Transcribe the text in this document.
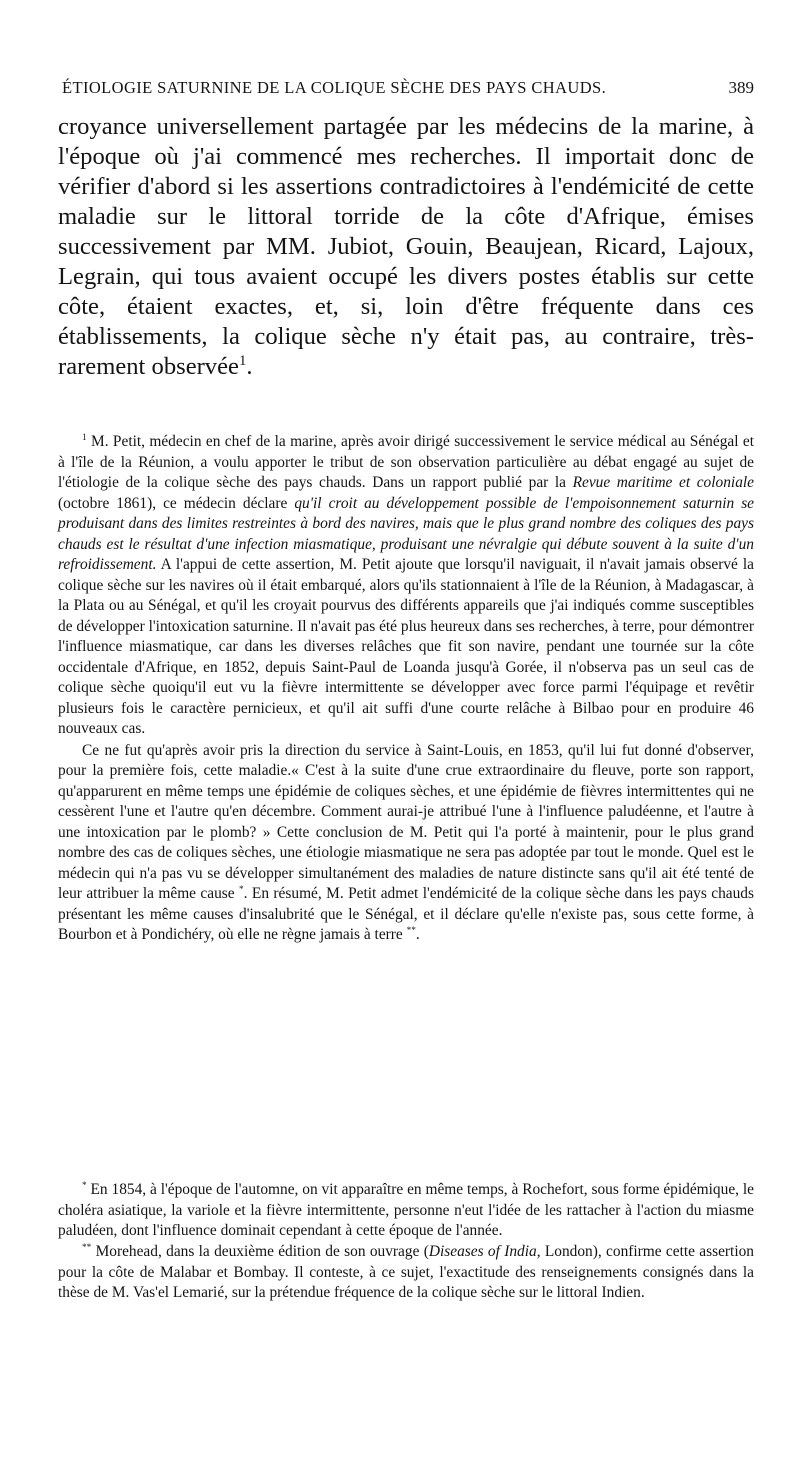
ÉTIOLOGIE SATURNINE DE LA COLIQUE SÈCHE DES PAYS CHAUDS.	389

croyance universellement partagée par les médecins de la marine, à l'époque où j'ai commencé mes recherches. Il importait donc de vérifier d'abord si les assertions contradictoires à l'endémicité de cette maladie sur le littoral torride de la côte d'Afrique, émises successivement par MM. Jubiot, Gouin, Beaujean, Ricard, Lajoux, Legrain, qui tous avaient occupé les divers postes établis sur cette côte, étaient exactes, et, si, loin d'être fréquente dans ces établissements, la colique sèche n'y était pas, au contraire, très-rarement observée$^1$.

$^1$ M. Petit, médecin en chef de la marine, après avoir dirigé successivement le service médical au Sénégal et à l'île de la Réunion, a voulu apporter le tribut de son observation particulière au débat engagé au sujet de l'étiologie de la colique sèche des pays chauds. Dans un rapport publié par la Revue maritime et coloniale (octobre 1861), ce médecin déclare qu'il croit au développement possible de l'empoisonnement saturnin se produisant dans des limites restreintes à bord des navires, mais que le plus grand nombre des coliques des pays chauds est le résultat d'une infection miasmatique, produisant une névralgie qui débute souvent à la suite d'un refroidissement. A l'appui de cette assertion, M. Petit ajoute que lorsqu'il naviguait, il n'avait jamais observé la colique sèche sur les navires où il était embarqué, alors qu'ils stationnaient à l'île de la Réunion, à Madagascar, à la Plata ou au Sénégal, et qu'il les croyait pourvus des différents appareils que j'ai indiqués comme susceptibles de développer l'intoxication saturnine. Il n'avait pas été plus heureux dans ses recherches, à terre, pour démontrer l'influence miasmatique, car dans les diverses relâches que fit son navire, pendant une tournée sur la côte occidentale d'Afrique, en 1852, depuis Saint-Paul de Loanda jusqu'à Gorée, il n'observa pas un seul cas de colique sèche quoiqu'il eut vu la fièvre intermittente se développer avec force parmi l'équipage et revêtir plusieurs fois le caractère pernicieux, et qu'il ait suffi d'une courte relâche à Bilbao pour en produire 46 nouveaux cas.

Ce ne fut qu'après avoir pris la direction du service à Saint-Louis, en 1853, qu'il lui fut donné d'observer, pour la première fois, cette maladie.« C'est à la suite d'une crue extraordinaire du fleuve, porte son rapport, qu'apparurent en même temps une épidémie de coliques sèches, et une épidémie de fièvres intermittentes qui ne cessèrent l'une et l'autre qu'en décembre. Comment aurai-je attribué l'une à l'influence paludéenne, et l'autre à une intoxication par le plomb? » Cette conclusion de M. Petit qui l'a porté à maintenir, pour le plus grand nombre des cas de coliques sèches, une étiologie miasmatique ne sera pas adoptée par tout le monde. Quel est le médecin qui n'a pas vu se développer simultanément des maladies de nature distincte sans qu'il ait été tenté de leur attribuer la même cause *. En résumé, M. Petit admet l'endémicité de la colique sèche dans les pays chauds présentant les même causes d'insalubrité que le Sénégal, et il déclare qu'elle n'existe pas, sous cette forme, à Bourbon et à Pondichéry, où elle ne règne jamais à terre **.

* En 1854, à l'époque de l'automne, on vit apparaître en même temps, à Rochefort, sous forme épidémique, le choléra asiatique, la variole et la fièvre intermittente, personne n'eut l'idée de les rattacher à l'action du miasme paludéen, dont l'influence dominait cependant à cette époque de l'année.

** Morehead, dans la deuxième édition de son ouvrage (Diseases of India, London), confirme cette assertion pour la côte de Malabar et Bombay. Il conteste, à ce sujet, l'exactitude des renseignements consignés dans la thèse de M. Vas'el Lemarié, sur la prétendue fréquence de la colique sèche sur le littoral Indien.
